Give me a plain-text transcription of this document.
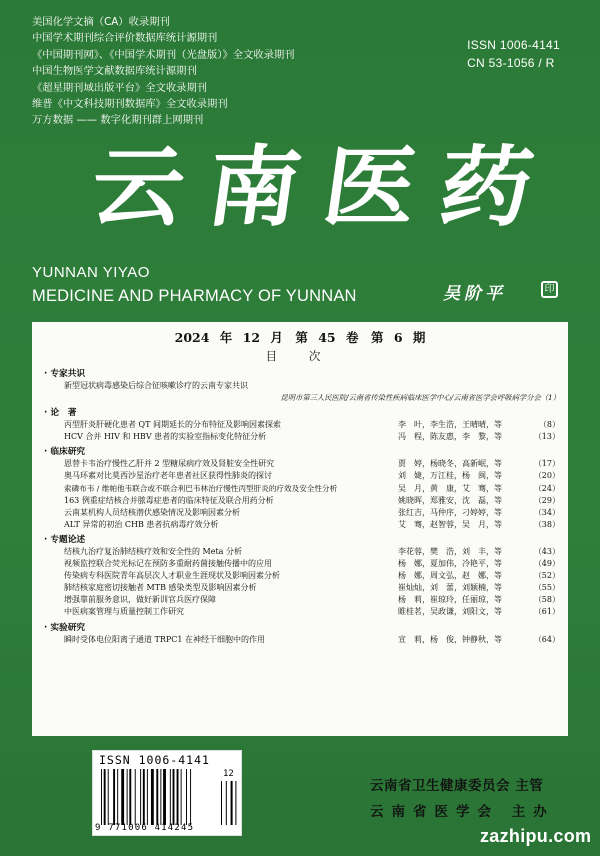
美国化学文摘（CA）收录期刊
中国学术期刊综合评价数据库统计源期刊
《中国期刊网》、《中国学术期刊（光盘版）》全文收录期刊
中国生物医学文献数据库统计源期刊
《超星期刊域出版平台》全文收录期刊
维普《中文科技期刊数据库》全文收录期刊
万方数据 —— 数字化期刊群上网期刊
ISSN 1006-4141
CN 53-1056 / R
云 南 医 药
YUNNAN YIYAO
MEDICINE AND PHARMACY OF YUNNAN	吴阶平	印
2024 年 12 月　第 45 卷　第 6 期
目 次
· 专家共识
新型冠状病毒感染后综合征咳嗽诊疗的云南专家共识
昆明市第三人民医院/云南省传染性疾病临床医学中心/云南省医学会呼吸病学分会（1）
· 论　著
丙型肝炎肝硬化患者 QT 间期延长的分布特征及影响因素探索	李　叶，李生浩，王晴晴，等	（8）
HCV 合并 HIV 和 HBV 患者的实验室指标变化特征分析	冯　程，陈友惠，李　黎，等	（13）
· 临床研究
恩替卡韦治疗慢性乙肝并 2 型糖尿病疗效及肾脏安全性研究	贾　婷，杨晓冬，高新岷，等	（17）
奥马环素对比莫西沙星治疗老年患者社区获得性肺炎的探讨	刘　婕，万江桂，杨　闽，等	（20）
索磷布韦 / 维帕他韦联合或不联合利巴韦林治疗慢性丙型肝炎的疗效及安全性分析	吴　月，黄　康，艾　骞，等	（24）
163 例重症结核合并脓毒症患者的临床特征及联合用药分析	姚晓晖，郑雅安，沈　磊，等	（29）
云南某机构人员结核潜伏感染情况及影响因素分析	张红吉，马仲序，刁婷婷，等	（34）
ALT 异常的初治 CHB 患者抗病毒疗效分析	艾　骞，赵智蓉，吴　月，等	（38）
· 专题论述
结核九治疗复治肺结核疗效和安全性的 Meta 分析	李花蓉，樊　浩，刘　丰，等	（43）
视频监控联合荧光标记在预防多重耐药菌接触传播中的应用	杨　娜，夏加伟，冷艳平，等	（49）
传染病专科医院青年高层次人才职业生涯现状及影响因素分析	杨　娜，周文弘，赵　娜，等	（52）
肺结核家庭密切接触者 MTB 感染类型及影响因素分析	崔灿灿，刘　蕾，刘颖楠，等	（55）
增强靠前服务意识，做好新训官兵医疗保障	杨　莉，崔琼玲，任丽琼，等	（58）
中医病案管理与质量控制工作研究	睢桂茗，吴政谦，刘阳文，等	（61）
· 实验研究
瞬时受体电位阳离子通道 TRPC1 在神经干细胞中的作用	宣　莉，杨　俊，钟静秋，等	（64）
ISSN 1006-4141
12
9 771006 414245
云南省卫生健康委员会 主管
云南省医学会 主办
zazhipu.com
